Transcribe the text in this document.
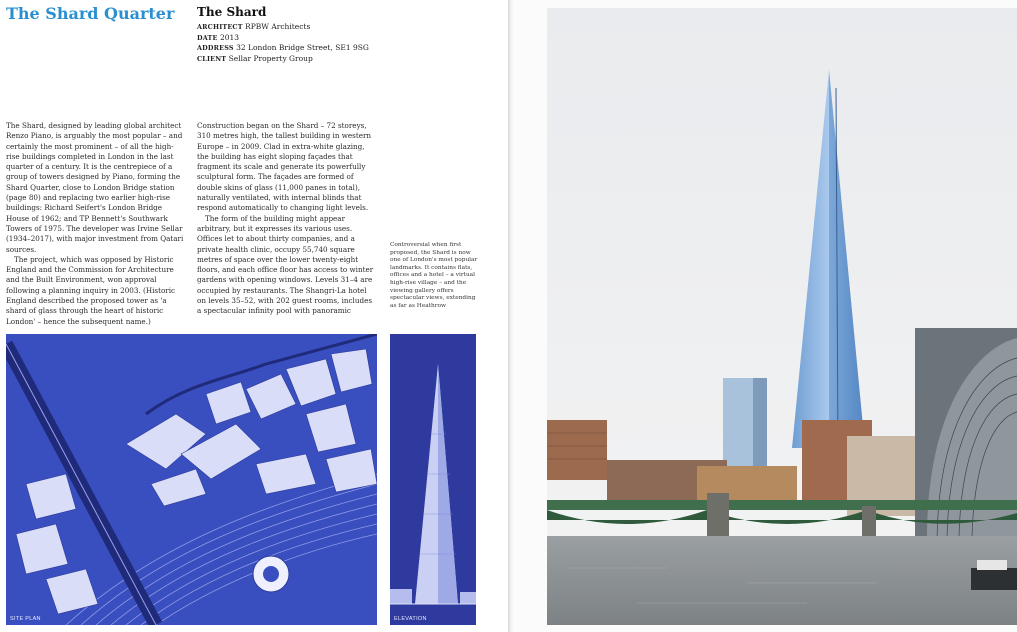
The Shard Quarter The Shard
ARCHITECT RPBW Architects
DATE 2013
ADDRESS 32 London Bridge Street, SE1 9SG
CLIENT Sellar Property Group

The Shard, designed by leading global architect Renzo Piano, is arguably the most popular – and certainly the most prominent – of all the high-rise buildings completed in London in the last quarter of a century. It is the centrepiece of a group of towers designed by Piano, forming the Shard Quarter, close to London Bridge station (page 80) and replacing two earlier high-rise buildings: Richard Seifert's London Bridge House of 1962; and TP Bennett's Southwark Towers of 1975. The developer was Irvine Sellar (1934–2017), with major investment from Qatari sources.

The project, which was opposed by Historic England and the Commission for Architecture and the Built Environment, won approval following a planning inquiry in 2003. (Historic England described the proposed tower as 'a shard of glass through the heart of historic London' – hence the subsequent name.)

Construction began on the Shard – 72 storeys, 310 metres high, the tallest building in western Europe – in 2009. Clad in extra-white glazing, the building has eight sloping façades that fragment its scale and generate its powerfully sculptural form. The façades are formed of double skins of glass (11,000 panes in total), naturally ventilated, with internal blinds that respond automatically to changing light levels.

The form of the building might appear arbitrary, but it expresses its various uses. Offices let to about thirty companies, and a private health clinic, occupy 55,740 square metres of space over the lower twenty-eight floors, and each office floor has access to winter gardens with opening windows. Levels 31–4 are occupied by restaurants. The Shangri-La hotel on levels 35–52, with 202 guest rooms, includes a spectacular infinity pool with panoramic

Controversial when first proposed, the Shard is now one of London's most popular landmarks. It contains flats, offices and a hotel – a virtual high-rise village – and the viewing gallery offers spectacular views, extending as far as Heathrow
SITE PLAN	ELEVATION
